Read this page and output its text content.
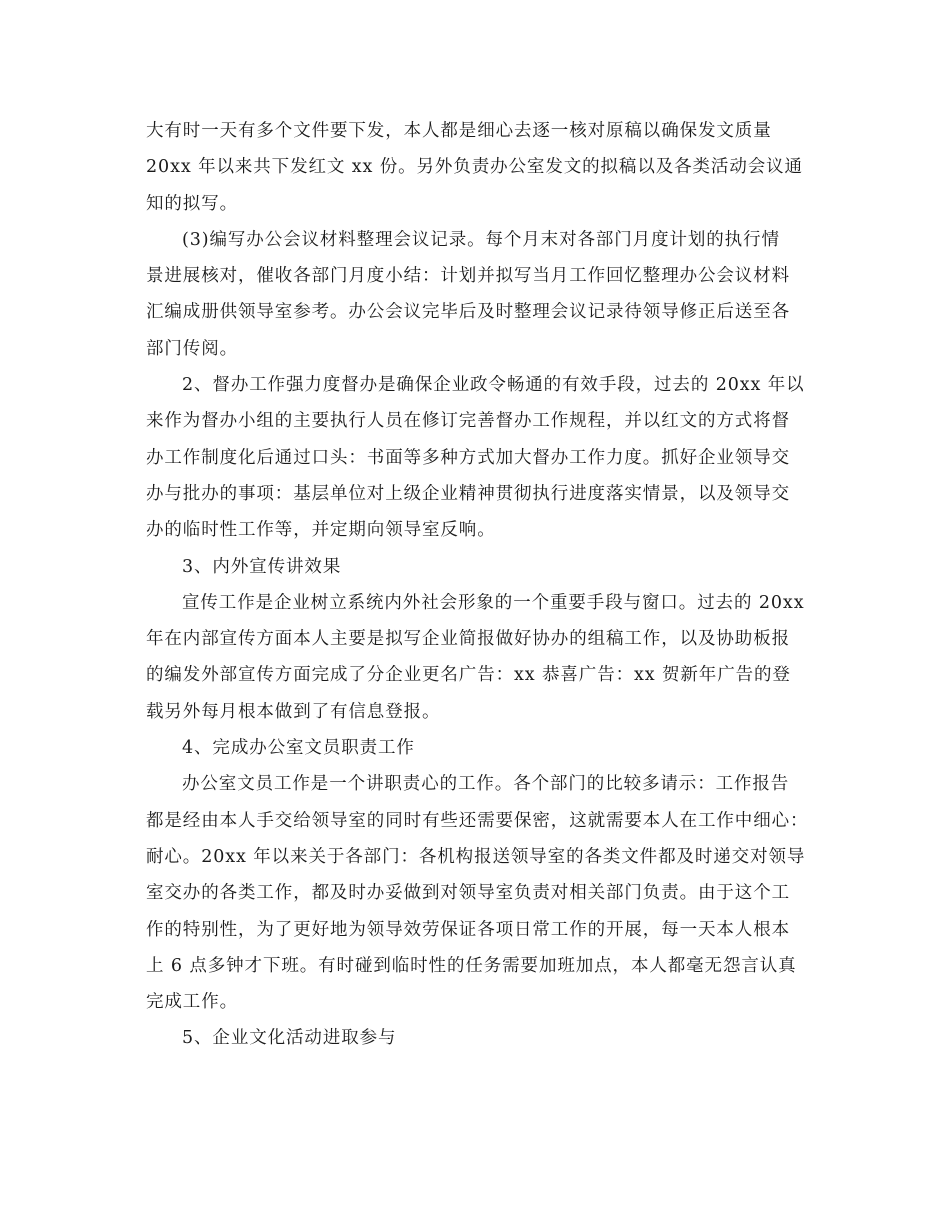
大有时一天有多个文件要下发，本人都是细心去逐一核对原稿以确保发文质量
20xx 年以来共下发红文 xx 份。另外负责办公室发文的拟稿以及各类活动会议通
知的拟写。
(3)编写办公会议材料整理会议记录。每个月末对各部门月度计划的执行情
景进展核对，催收各部门月度小结：计划并拟写当月工作回忆整理办公会议材料
汇编成册供领导室参考。办公会议完毕后及时整理会议记录待领导修正后送至各
部门传阅。
2、督办工作强力度督办是确保企业政令畅通的有效手段，过去的 20xx 年以
来作为督办小组的主要执行人员在修订完善督办工作规程，并以红文的方式将督
办工作制度化后通过口头：书面等多种方式加大督办工作力度。抓好企业领导交
办与批办的事项：基层单位对上级企业精神贯彻执行进度落实情景，以及领导交
办的临时性工作等，并定期向领导室反响。
3、内外宣传讲效果
宣传工作是企业树立系统内外社会形象的一个重要手段与窗口。过去的 20xx
年在内部宣传方面本人主要是拟写企业简报做好协办的组稿工作，以及协助板报
的编发外部宣传方面完成了分企业更名广告：xx 恭喜广告：xx 贺新年广告的登
载另外每月根本做到了有信息登报。
4、完成办公室文员职责工作
办公室文员工作是一个讲职责心的工作。各个部门的比较多请示：工作报告
都是经由本人手交给领导室的同时有些还需要保密，这就需要本人在工作中细心：
耐心。20xx 年以来关于各部门：各机构报送领导室的各类文件都及时递交对领导
室交办的各类工作，都及时办妥做到对领导室负责对相关部门负责。由于这个工
作的特别性，为了更好地为领导效劳保证各项日常工作的开展，每一天本人根本
上 6 点多钟才下班。有时碰到临时性的任务需要加班加点，本人都毫无怨言认真
完成工作。
5、企业文化活动进取参与
